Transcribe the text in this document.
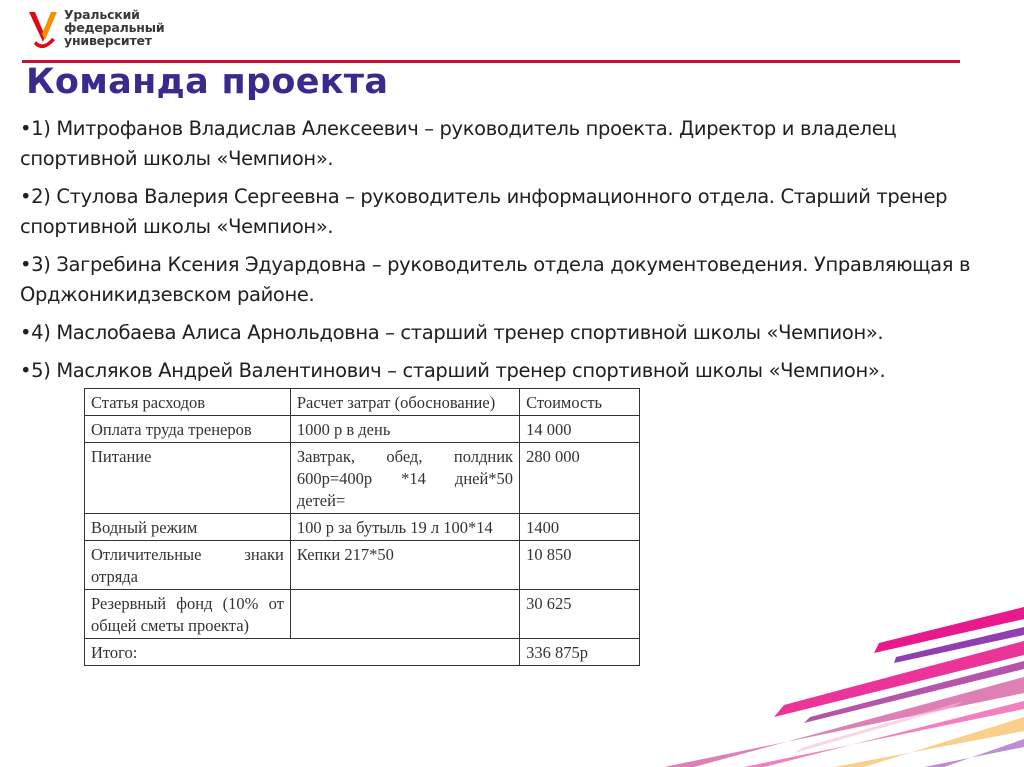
Уральский
федеральный
университет
Команда проекта
•1) Митрофанов Владислав Алексеевич – руководитель проекта. Директор и владелец спортивной школы «Чемпион».
•2) Стулова Валерия Сергеевна – руководитель информационного отдела. Старший тренер спортивной школы «Чемпион».
•3) Загребина Ксения Эдуардовна – руководитель отдела документоведения. Управляющая в Орджоникидзевском районе.
•4) Маслобаева Алиса Арнольдовна – старший тренер спортивной школы «Чемпион».
•5) Масляков Андрей Валентинович – старший тренер спортивной школы «Чемпион».
Статья расходов	Расчет затрат (обоснование)	Стоимость
Оплата труда тренеров	1000 р в день	14 000
Питание	Завтрак, обед, полдник 600р=400р *14 дней*50 детей=	280 000
Водный режим	100 р за бутыль 19 л 100*14	1400
Отличительные знаки отряда	Кепки 217*50	10 850
Резервный фонд (10% от общей сметы проекта)		30 625
Итого:		336 875р
